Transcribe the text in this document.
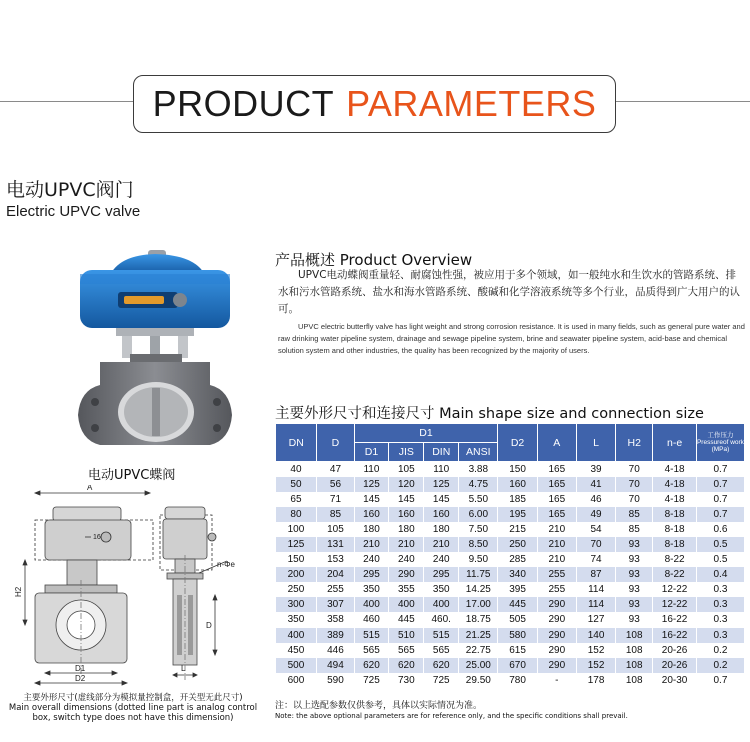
PRODUCT PARAMETERS
电动UPVC阀门
Electric UPVC valve
电动UPVC蝶阀
A
16
H2
D1
D2
n-Φe
D
L
主要外形尺寸(虚线部分为模拟量控制盒，开关型无此尺寸)
Main overall dimensions (dotted line part is analog control box, switch type does not have this dimension)
产品概述 Product Overview
UPVC电动蝶阀重量轻、耐腐蚀性强，被应用于多个领域，如一般纯水和生饮水的管路系统、排水和污水管路系统、盐水和海水管路系统、酸碱和化学溶液系统等多个行业，品质得到广大用户的认可。
UPVC electric butterfly valve has light weight and strong corrosion resistance. It is used in many fields, such as general pure water and raw drinking water pipeline system, drainage and sewage pipeline system, brine and seawater pipeline system, acid-base and chemical solution system and other industries, the quality has been recognized by the majority of users.
主要外形尺寸和连接尺寸 Main shape size and connection size
DN	D	D1				D2	A	L	H2	n-e	工作压力
Pressureof work
(MPa)

		D1	JIS	DIN	ANSI						
40	47	110	105	110	3.88	150	165	39	70	4-18	0.7
50	56	125	120	125	4.75	160	165	41	70	4-18	0.7
65	71	145	145	145	5.50	185	165	46	70	4-18	0.7
80	85	160	160	160	6.00	195	165	49	85	8-18	0.7
100	105	180	180	180	7.50	215	210	54	85	8-18	0.6
125	131	210	210	210	8.50	250	210	70	93	8-18	0.5
150	153	240	240	240	9.50	285	210	74	93	8-22	0.5
200	204	295	290	295	11.75	340	255	87	93	8-22	0.4
250	255	350	355	350	14.25	395	255	114	93	12-22	0.3
300	307	400	400	400	17.00	445	290	114	93	12-22	0.3
350	358	460	445	460.	18.75	505	290	127	93	16-22	0.3
400	389	515	510	515	21.25	580	290	140	108	16-22	0.3
450	446	565	565	565	22.75	615	290	152	108	20-26	0.2
500	494	620	620	620	25.00	670	290	152	108	20-26	0.2
600	590	725	730	725	29.50	780	-	178	108	20-30	0.7
注：以上选配参数仅供参考，具体以实际情况为准。
Note: the above optional parameters are for reference only, and the specific conditions shall prevail.
